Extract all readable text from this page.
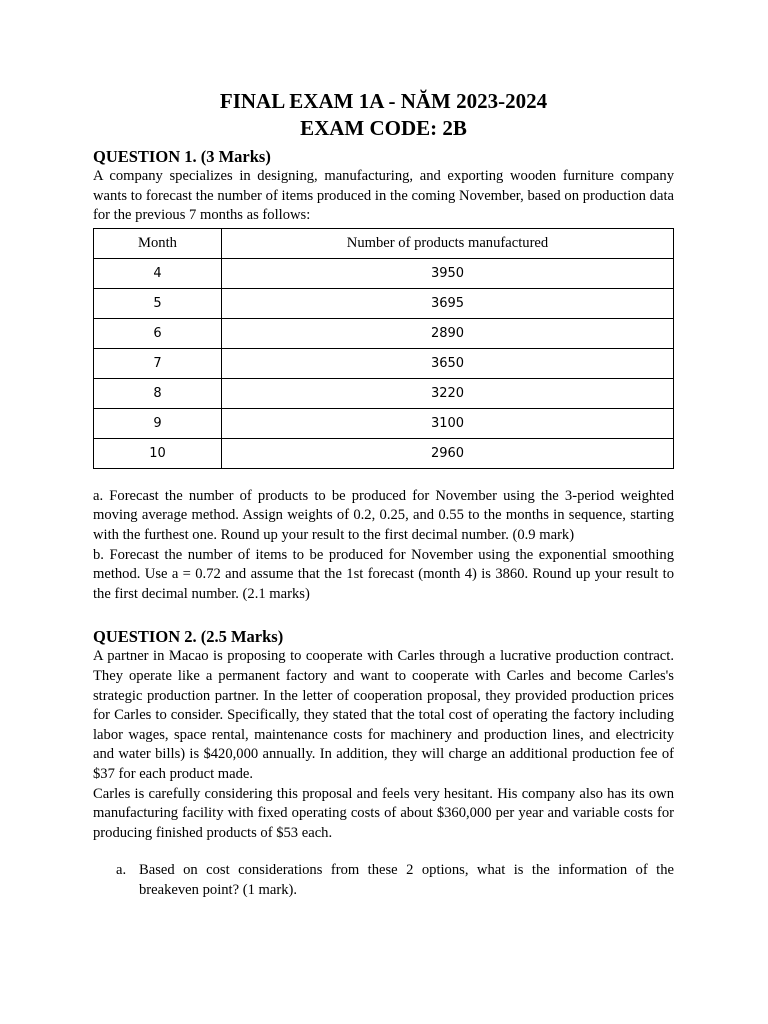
FINAL EXAM 1A - NĂM 2023-2024

EXAM CODE: 2B

QUESTION 1. (3 Marks)

A company specializes in designing, manufacturing, and exporting wooden furniture company wants to forecast the number of items produced in the coming November, based on production data for the previous 7 months as follows:

Month	Number of products manufactured
4	3950
5	3695
6	2890
7	3650
8	3220
9	3100
10	2960

a. Forecast the number of products to be produced for November using the 3-period weighted moving average method. Assign weights of 0.2, 0.25, and 0.55 to the months in sequence, starting with the furthest one. Round up your result to the first decimal number. (0.9 mark)

b. Forecast the number of items to be produced for November using the exponential smoothing method. Use a = 0.72 and assume that the 1st forecast (month 4) is 3860. Round up your result to the first decimal number. (2.1 marks)

QUESTION 2. (2.5 Marks)

A partner in Macao is proposing to cooperate with Carles through a lucrative production contract. They operate like a permanent factory and want to cooperate with Carles and become Carles's strategic production partner. In the letter of cooperation proposal, they provided production prices for Carles to consider. Specifically, they stated that the total cost of operating the factory including labor wages, space rental, maintenance costs for machinery and production lines, and electricity and water bills) is $420,000 annually. In addition, they will charge an additional production fee of $37 for each product made.

Carles is carefully considering this proposal and feels very hesitant. His company also has its own manufacturing facility with fixed operating costs of about $360,000 per year and variable costs for producing finished products of $53 each.

a. Based on cost considerations from these 2 options, what is the information of the breakeven point? (1 mark).
